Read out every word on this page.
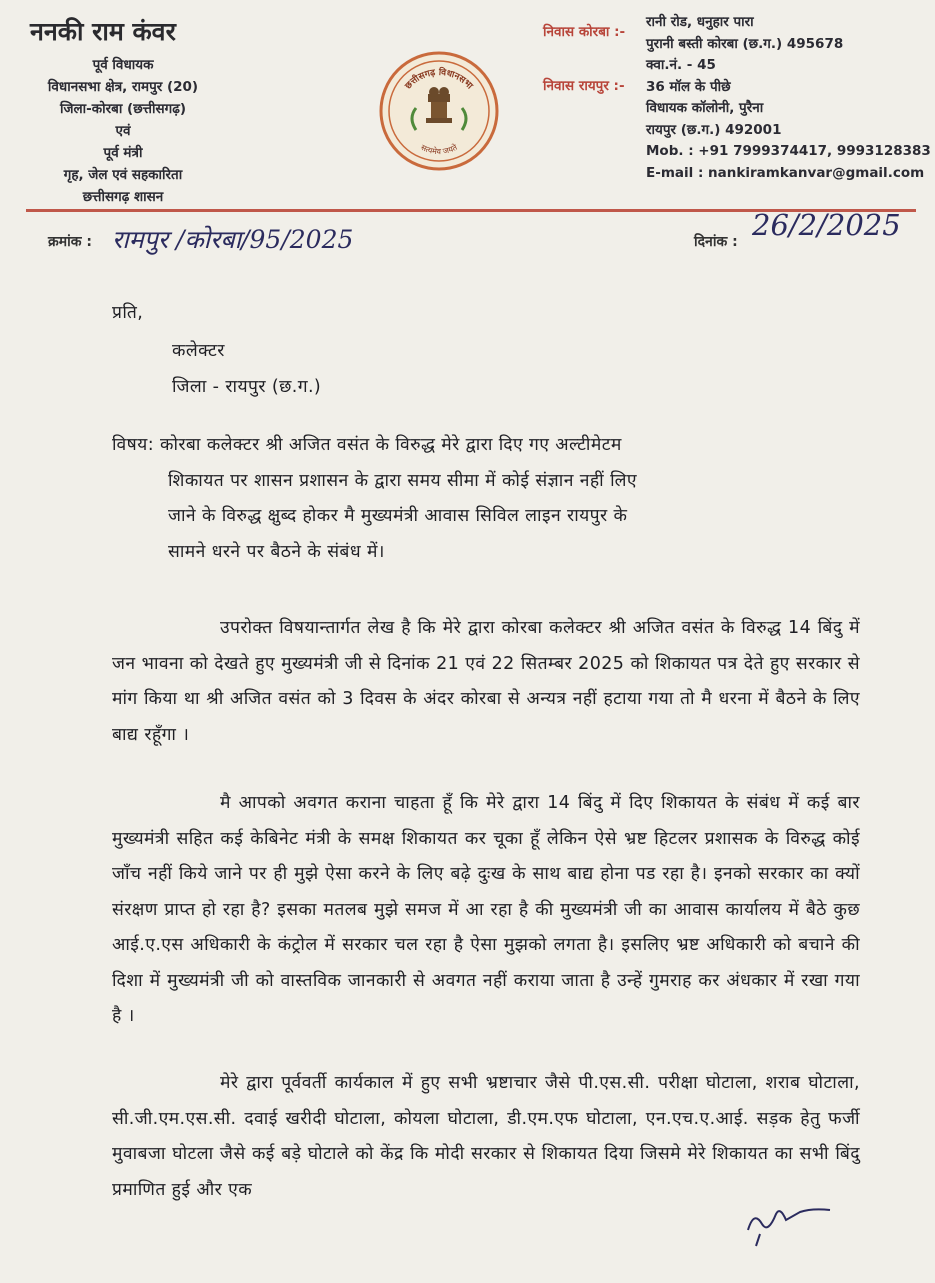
ननकी राम कंवर
पूर्व विधायक
विधानसभा क्षेत्र, रामपुर (20)
जिला-कोरबा (छत्तीसगढ़)
एवं
पूर्व मंत्री
गृह, जेल एवं सहकारिता
छत्तीसगढ़ शासन
छत्तीसगढ़ विधानसभा
सत्यमेव जयते
निवास कोरबा :-
निवास रायपुर :-
रानी रोड, धनुहार पारा
पुरानी बस्ती कोरबा (छ.ग.) 495678
क्वा.नं. - 45
36 मॉल के पीछे
विधायक कॉलोनी, पुरैना
रायपुर (छ.ग.) 492001
Mob. : +91 7999374417, 9993128383
E-mail : nankiramkanvar@gmail.com
क्रमांक : रामपुर /कोरबा/95/2025	दिनांक : 26/2/2025
प्रति,
कलेक्टर
जिला - रायपुर (छ.ग.)
विषय: कोरबा कलेक्टर श्री अजित वसंत के विरुद्ध मेरे द्वारा दिए गए अल्टीमेटम
शिकायत पर शासन प्रशासन के द्वारा समय सीमा में कोई संज्ञान नहीं लिए
जाने के विरुद्ध क्षुब्द होकर मै मुख्यमंत्री आवास सिविल लाइन रायपुर के
सामने धरने पर बैठने के संबंध में।

उपरोक्त विषयान्तार्गत लेख है कि मेरे द्वारा कोरबा कलेक्टर श्री अजित वसंत के विरुद्ध 14 बिंदु में जन भावना को देखते हुए मुख्यमंत्री जी से दिनांक 21 एवं 22 सितम्बर 2025 को शिकायत पत्र देते हुए सरकार से मांग किया था श्री अजित वसंत को 3 दिवस के अंदर कोरबा से अन्यत्र नहीं हटाया गया तो मै धरना में बैठने के लिए बाद्य रहूँगा ।

मै आपको अवगत कराना चाहता हूँ कि मेरे द्वारा 14 बिंदु में दिए शिकायत के संबंध में कई बार मुख्यमंत्री सहित कई केबिनेट मंत्री के समक्ष शिकायत कर चूका हूँ लेकिन ऐसे भ्रष्ट हिटलर प्रशासक के विरुद्ध कोई जाँच नहीं किये जाने पर ही मुझे ऐसा करने के लिए बढ़े दुःख के साथ बाद्य होना पड रहा है। इनको सरकार का क्यों संरक्षण प्राप्त हो रहा है? इसका मतलब मुझे समज में आ रहा है की मुख्यमंत्री जी का आवास कार्यालय में बैठे कुछ आई.ए.एस अधिकारी के कंट्रोल में सरकार चल रहा है ऐसा मुझको लगता है। इसलिए भ्रष्ट अधिकारी को बचाने की दिशा में मुख्यमंत्री जी को वास्तविक जानकारी से अवगत नहीं कराया जाता है उन्हें गुमराह कर अंधकार में रखा गया है ।

मेरे द्वारा पूर्ववर्ती कार्यकाल में हुए सभी भ्रष्टाचार जैसे पी.एस.सी. परीक्षा घोटाला, शराब घोटाला, सी.जी.एम.एस.सी. दवाई खरीदी घोटाला, कोयला घोटाला, डी.एम.एफ घोटाला, एन.एच.ए.आई. सड़क हेतु फर्जी मुवाबजा घोटला जैसे कई बड़े घोटाले को केंद्र कि मोदी सरकार से शिकायत दिया जिसमे मेरे शिकायत का सभी बिंदु प्रमाणित हुई और एक
